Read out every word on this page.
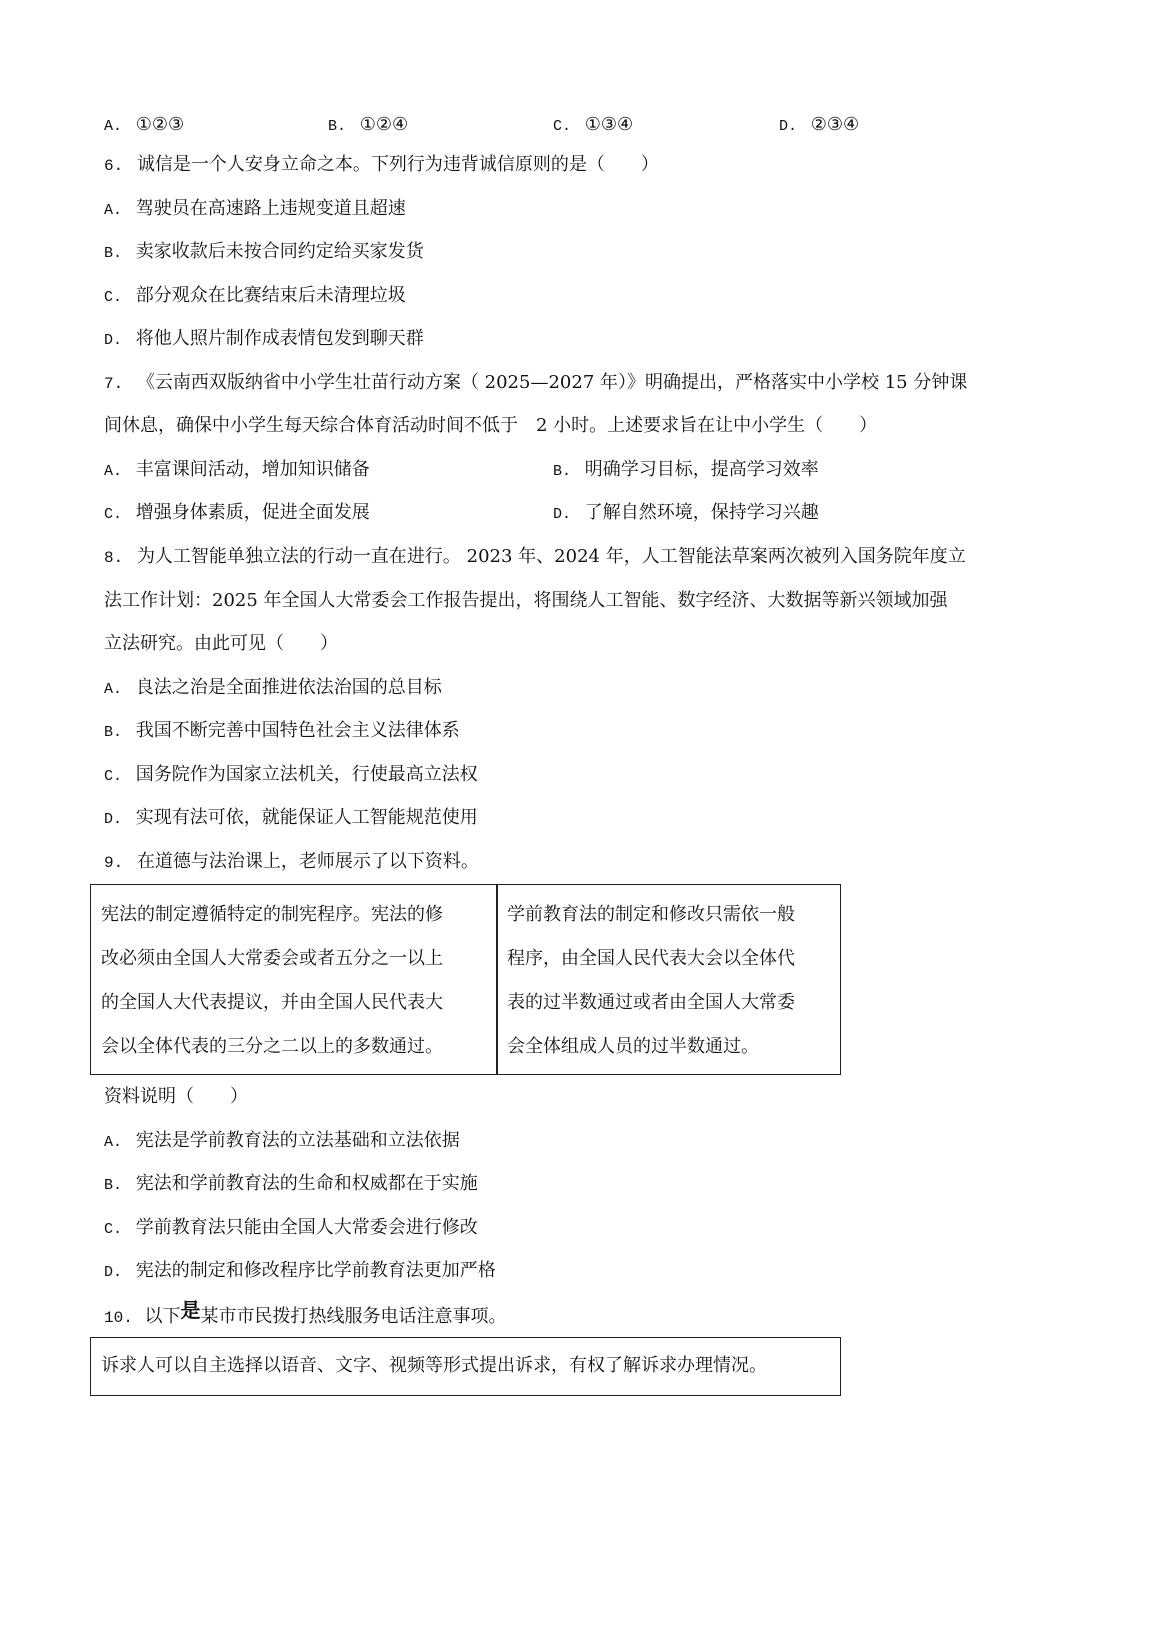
A. ①②③	B. ①②④	C. ①③④	D. ②③④
6. 诚信是一个人安身立命之本。下列行为违背诚信原则的是（　　）
A. 驾驶员在高速路上违规变道且超速
B. 卖家收款后未按合同约定给买家发货
C. 部分观众在比赛结束后未清理垃圾
D. 将他人照片制作成表情包发到聊天群
7. 《云南西双版纳省中小学生壮苗行动方案（ 2025—2027 年）》明确提出，严格落实中小学校 15 分钟课
间休息，确保中小学生每天综合体育活动时间不低于　2 小时。上述要求旨在让中小学生（　　）
A. 丰富课间活动，增加知识储备	B. 明确学习目标，提高学习效率
C. 增强身体素质，促进全面发展	D. 了解自然环境，保持学习兴趣
8. 为人工智能单独立法的行动一直在进行。 2023 年、2024 年，人工智能法草案两次被列入国务院年度立
法工作计划：2025 年全国人大常委会工作报告提出，将围绕人工智能、数字经济、大数据等新兴领域加强
立法研究。由此可见（　　）
A. 良法之治是全面推进依法治国的总目标
B. 我国不断完善中国特色社会主义法律体系
C. 国务院作为国家立法机关，行使最高立法权
D. 实现有法可依，就能保证人工智能规范使用
9. 在道德与法治课上，老师展示了以下资料。
宪法的制定遵循特定的制宪程序。宪法的修
改必须由全国人大常委会或者五分之一以上
的全国人大代表提议，并由全国人民代表大
会以全体代表的三分之二以上的多数通过。
学前教育法的制定和修改只需依一般
程序，由全国人民代表大会以全体代
表的过半数通过或者由全国人大常委
会全体组成人员的过半数通过。
资料说明（　　）
A. 宪法是学前教育法的立法基础和立法依据
B. 宪法和学前教育法的生命和权威都在于实施
C. 学前教育法只能由全国人大常委会进行修改
D. 宪法的制定和修改程序比学前教育法更加严格
10. 以下是某市市民拨打热线服务电话注意事项。
诉求人可以自主选择以语音、文字、视频等形式提出诉求，有权了解诉求办理情况。
